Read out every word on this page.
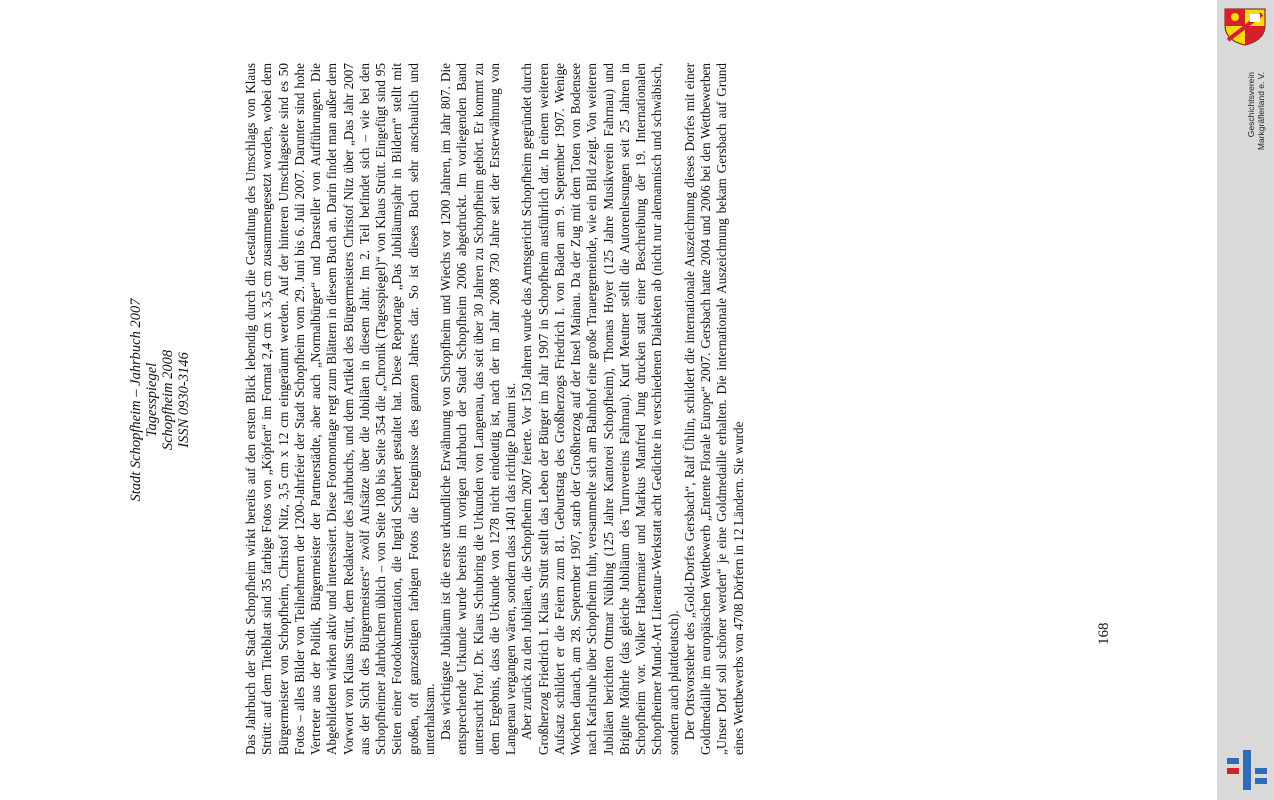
Stadt Schopfheim – Jahrbuch 2007 Tagesspiegel Schopfheim 2008 ISSN 0930-3146	Das Jahrbuch der Stadt Schopfheim wirkt bereits auf den ersten Blick lebendig durch die Gestaltung des Umschlags von Klaus Strütt: auf dem Titelblatt sind 35 farbige Fotos von „Köpfen“ im Format 2,4 cm x 3,5 cm zusammengesetzt worden, wobei dem Bürgermeister von Schopfheim, Christof Nitz, 3,5 cm x 12 cm eingeräumt werden. Auf der hinteren Umschlagseite sind es 50 Fotos – alles Bilder von Teilnehmern der 1200-Jahrfeier der Stadt Schopfheim vom 29. Juni bis 6. Juli 2007. Darunter sind hohe Vertreter aus der Politik, Bürgermeister der Partnerstädte, aber auch „Normalbürger“ und Darsteller von Aufführungen. Die Abgebildeten wirken aktiv und interessiert. Diese Fotomontage regt zum Blättern in diesem Buch an. Darin findet man außer dem Vorwort von Klaus Strütt, dem Redakteur des Jahrbuchs, und dem Artikel des Bürgermeisters Christof Nitz über „Das Jahr 2007 aus der Sicht des Bürgermeisters“ zwölf Aufsätze über die Jubiläen in diesem Jahr. Im 2. Teil befindet sich – wie bei den Schopfheimer Jahrbüchern üblich – von Seite 108 bis Seite 354 die „Chronik (Tagesspiegel)“ von Klaus Strütt. Eingefügt sind 95 Seiten einer Fotodokumentation, die Ingrid Schubert gestaltet hat. Diese Reportage „Das Jubiläumsjahr in Bildern“ stellt mit großen, oft ganzseitigen farbigen Fotos die Ereignisse des ganzen Jahres dar. So ist dieses Buch sehr anschaulich und unterhaltsam. Das wichtigste Jubiläum ist die erste urkundliche Erwähnung von Schopfheim und Wiechs vor 1200 Jahren, im Jahr 807. Die entsprechende Urkunde wurde bereits im vorigen Jahrbuch der Stadt Schopfheim 2006 abgedruckt. Im vorliegenden Band untersucht Prof. Dr. Klaus Schubring die Urkunden von Langenau, das seit über 30 Jahren zu Schopfheim gehört. Er kommt zu dem Ergebnis, dass die Urkunde von 1278 nicht eindeutig ist, nach der im Jahr 2008 730 Jahre seit der Ersterwähnung von Langenau vergangen wären, sondern dass 1401 das richtige Datum ist. Aber zurück zu den Jubiläen, die Schopfheim 2007 feierte. Vor 150 Jahren wurde das Amtsgericht Schopfheim gegründet durch Großherzog Friedrich I. Klaus Strütt stellt das Leben der Bürger im Jahr 1907 in Schopfheim ausführlich dar. In einem weiteren Aufsatz schildert er die Feiern zum 81. Geburtstag des Großherzogs Friedrich I. von Baden am 9. September 1907. Wenige Wochen danach, am 28. September 1907, starb der Großherzog auf der Insel Mainau. Da der Zug mit dem Toten von Bodensee nach Karlsruhe über Schopfheim fuhr, versammelte sich am Bahnhof eine große Trauergemeinde, wie ein Bild zeigt. Von weiteren Jubiläen berichten Ottmar Nübling (125 Jahre Kantorei Schopfheim), Thomas Hoyer (125 Jahre Musikverein Fahrnau) und Brigitte Möhrle (das gleiche Jubiläum des Turnvereins Fahrnau). Kurt Meutner stellt die Autorenlesungen seit 25 Jahren in Schopfheim vor. Volker Habermaier und Markus Manfred Jung drucken statt einer Beschreibung der 19. Internationalen Schopfheimer Mund-Art Literatur-Werkstatt acht Gedichte in verschiedenen Dialekten ab (nicht nur alemannisch und schwäbisch, sondern auch plattdeutsch). Der Ortsvorsteher des „Gold-Dorfes Gersbach“, Ralf Ühlin, schildert die internationale Auszeichnung dieses Dorfes mit einer Goldmedaille im europäischen Wettbewerb „Entente Florale Europe“ 2007. Gersbach hatte 2004 und 2006 bei den Wettbewerben „Unser Dorf soll schöner werden“ je eine Goldmedaille erhalten. Die internationale Auszeichnung bekam Gersbach auf Grund eines Wettbewerbs von 4708 Dörfern in 12 Ländern. Sie wurde	168
Geschichtsverein Markgräflerland e. V.
